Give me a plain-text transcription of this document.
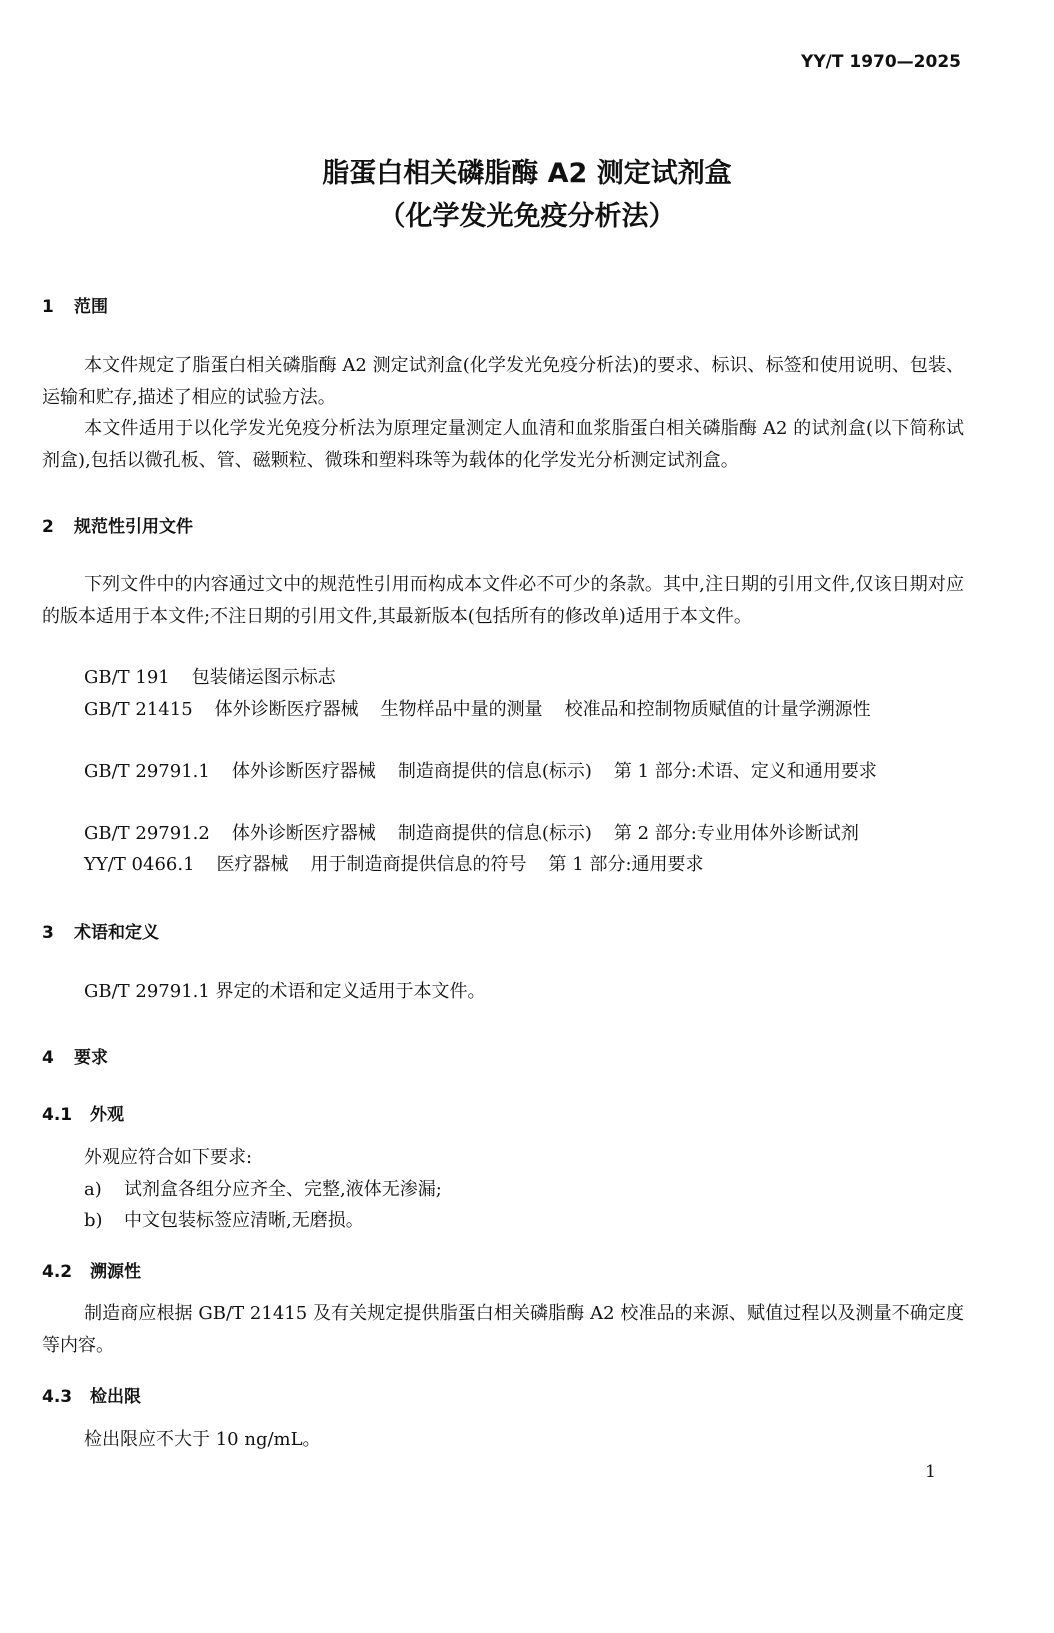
YY/T 1970—2025
脂蛋白相关磷脂酶 A2 测定试剂盒
（化学发光免疫分析法）
1 范围
本文件规定了脂蛋白相关磷脂酶 A2 测定试剂盒(化学发光免疫分析法)的要求、标识、标签和使用说明、包装、运输和贮存,描述了相应的试验方法。
本文件适用于以化学发光免疫分析法为原理定量测定人血清和血浆脂蛋白相关磷脂酶 A2 的试剂盒(以下简称试剂盒),包括以微孔板、管、磁颗粒、微珠和塑料珠等为载体的化学发光分析测定试剂盒。
2 规范性引用文件
下列文件中的内容通过文中的规范性引用而构成本文件必不可少的条款。其中,注日期的引用文件,仅该日期对应的版本适用于本文件;不注日期的引用文件,其最新版本(包括所有的修改单)适用于本文件。
GB/T 191 包装储运图示标志
GB/T 21415 体外诊断医疗器械 生物样品中量的测量 校准品和控制物质赋值的计量学溯源性
GB/T 29791.1 体外诊断医疗器械 制造商提供的信息(标示) 第 1 部分:术语、定义和通用要求
GB/T 29791.2 体外诊断医疗器械 制造商提供的信息(标示) 第 2 部分:专业用体外诊断试剂
YY/T 0466.1 医疗器械 用于制造商提供信息的符号 第 1 部分:通用要求
3 术语和定义
GB/T 29791.1 界定的术语和定义适用于本文件。
4 要求
4.1 外观
外观应符合如下要求:
a) 试剂盒各组分应齐全、完整,液体无渗漏;
b) 中文包装标签应清晰,无磨损。
4.2 溯源性
制造商应根据 GB/T 21415 及有关规定提供脂蛋白相关磷脂酶 A2 校准品的来源、赋值过程以及测量不确定度等内容。
4.3 检出限
检出限应不大于 10 ng/mL。
1
